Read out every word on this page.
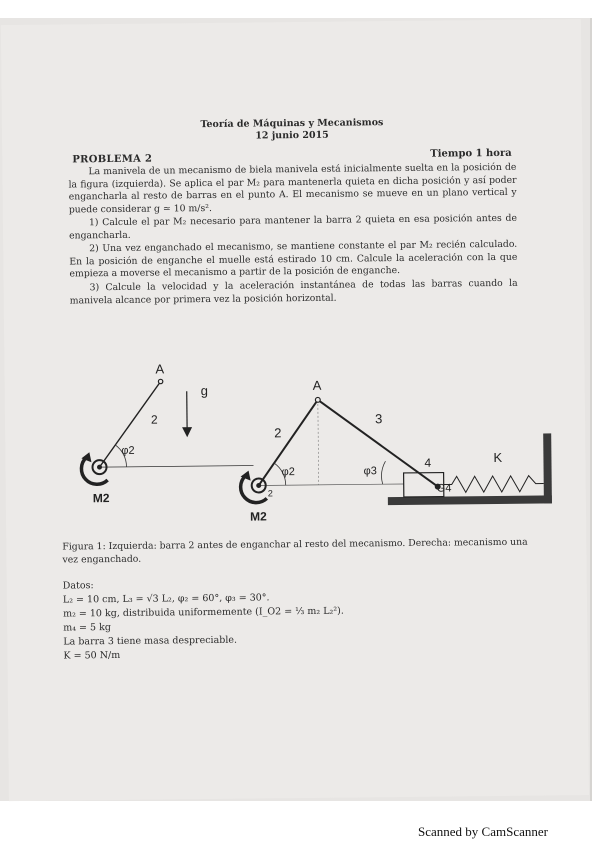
Teoría de Máquinas y Mecanismos
12 junio 2015
PROBLEMA 2	Tiempo 1 hora
La manivela de un mecanismo de biela manivela está inicialmente suelta en la posición de la figura (izquierda). Se aplica el par M₂ para mantenerla quieta en dicha posición y así poder engancharla al resto de barras en el punto A. El mecanismo se mueve en un plano vertical y puede considerar g ≃ 10 m/s².
1) Calcule el par M₂ necesario para mantener la barra 2 quieta en esa posición antes de engancharla.
2) Una vez enganchado el mecanismo, se mantiene constante el par M₂ recién calculado. En la posición de enganche el muelle está estirado 10 cm. Calcule la aceleración con la que empieza a moverse el mecanismo a partir de la posición de enganche.
3) Calcule la velocidad y la aceleración instantánea de todas las barras cuando la manivela alcance por primera vez la posición horizontal.
A
2
φ2
g
M2
A
2
3
φ2	φ3
4
G4
K
2
M2
Figura 1: Izquierda: barra 2 antes de enganchar al resto del mecanismo. Derecha: mecanismo una vez enganchado.
Datos:
L₂ = 10 cm, L₃ = √3 L₂, φ₂ = 60°, φ₃ = 30°.
m₂ = 10 kg, distribuida uniformemente (I_O2 = ⅓ m₂ L₂²).
m₄ = 5 kg
La barra 3 tiene masa despreciable.
K = 50 N/m
Scanned by CamScanner
